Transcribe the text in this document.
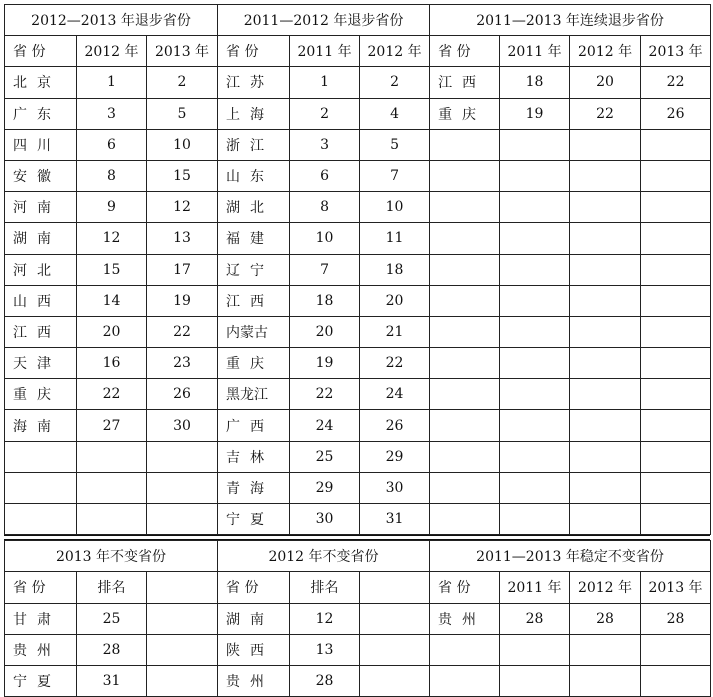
2012—2013 年退步省份			2011—2012 年退步省份			2011—2013 年连续退步省份			
省 份	2012 年	2013 年	省 份	2011 年	2012 年	省 份	2011 年	2012 年	2013 年
北京	1	2	江苏	1	2	江西	18	20	22
广东	3	5	上海	2	4	重庆	19	22	26
四川	6	10	浙江	3	5				
安徽	8	15	山东	6	7				
河南	9	12	湖北	8	10				
湖南	12	13	福建	10	11				
河北	15	17	辽宁	7	18				
山西	14	19	江西	18	20				
江西	20	22	内蒙古	20	21				
天津	16	23	重庆	19	22				
重庆	22	26	黑龙江	22	24				
海南	27	30	广西	24	26				
			吉林	25	29				
			青海	29	30				
			宁夏	30	31				
2013 年不变省份			2012 年不变省份			2011—2013 年稳定不变省份			
省 份	排名		省 份	排名		省 份	2011 年	2012 年	2013 年
甘肃	25		湖南	12		贵州	28	28	28
贵州	28		陕西	13					
宁夏	31		贵州	28					
